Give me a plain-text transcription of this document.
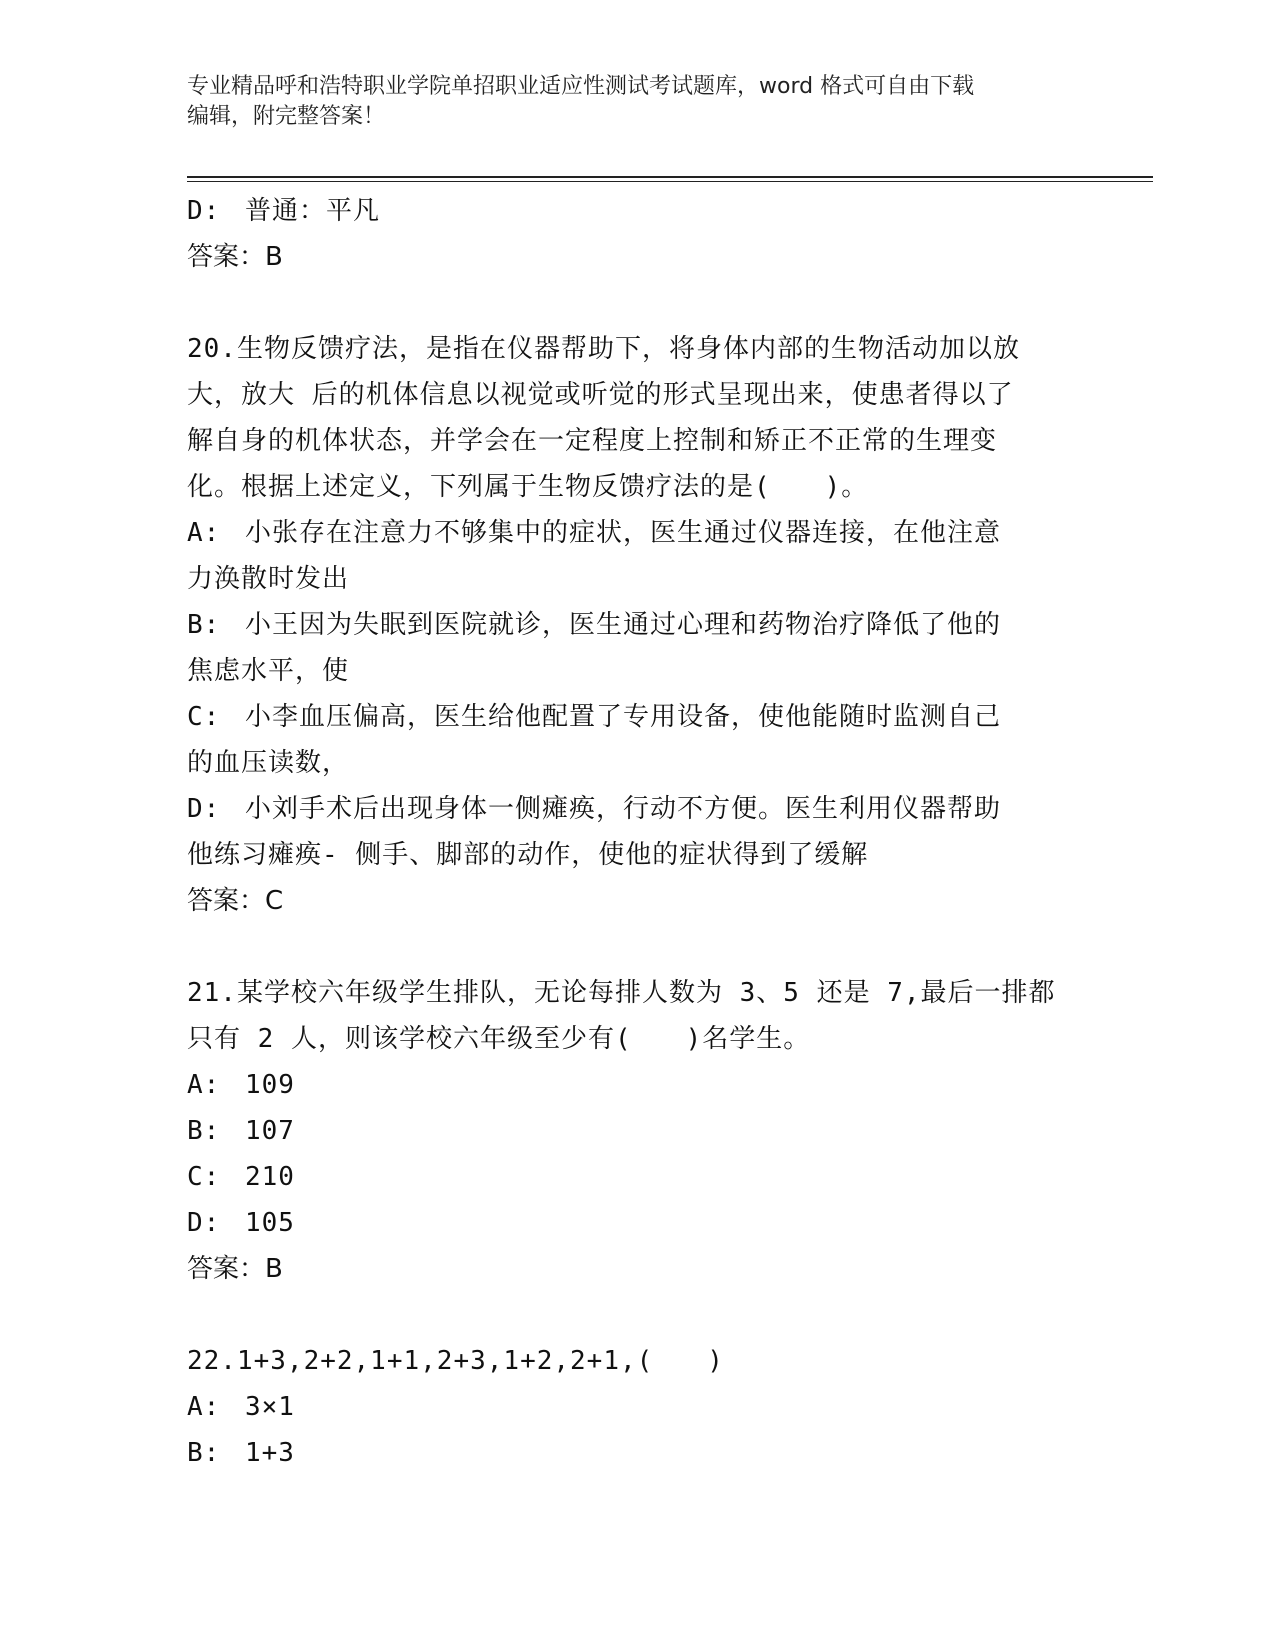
专业精品呼和浩特职业学院单招职业适应性测试考试题库，word 格式可自由下载
编辑，附完整答案！
D: 普通：平凡
答案：B
20.生物反馈疗法，是指在仪器帮助下，将身体内部的生物活动加以放
大，放大 后的机体信息以视觉或听觉的形式呈现出来，使患者得以了
解自身的机体状态，并学会在一定程度上控制和矫正不正常的生理变
化。根据上述定义，下列属于生物反馈疗法的是(　　)。
A: 小张存在注意力不够集中的症状，医生通过仪器连接，在他注意
力涣散时发出
B: 小王因为失眠到医院就诊，医生通过心理和药物治疗降低了他的
焦虑水平，使
C: 小李血压偏高，医生给他配置了专用设备，使他能随时监测自己
的血压读数，
D: 小刘手术后出现身体一侧瘫痪，行动不方便。医生利用仪器帮助
他练习瘫痪- 侧手、脚部的动作，使他的症状得到了缓解
答案：C
21.某学校六年级学生排队，无论每排人数为 3、5 还是 7,最后一排都
只有 2 人，则该学校六年级至少有(　　)名学生。
A: 109
B: 107
C: 210
D: 105
答案：B
22.1+3,2+2,1+1,2+3,1+2,2+1,(　　)
A: 3×1
B: 1+3
